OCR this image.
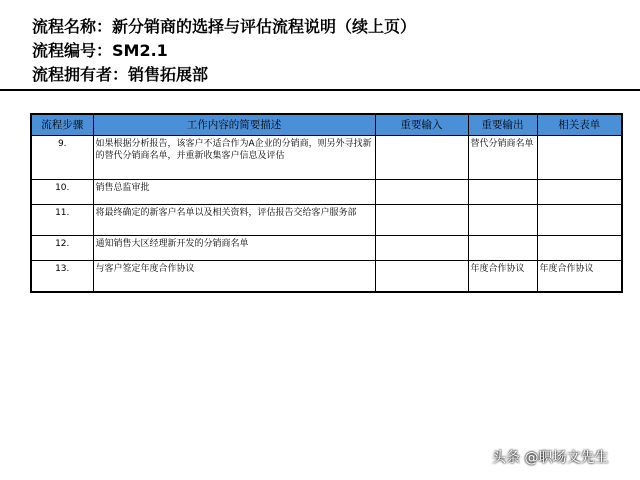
流程名称：新分销商的选择与评估流程说明（续上页）
流程编号：SM2.1
流程拥有者：销售拓展部
流程步骤	工作内容的简要描述	重要输入	重要输出	相关表单
9.	如果根据分析报告，该客户不适合作为A企业的分销商，则另外寻找新的替代分销商名单，并重新收集客户信息及评估		替代分销商名单	
10.	销售总监审批			
11.	将最终确定的新客户名单以及相关资料，评估报告交给客户服务部			
12.	通知销售大区经理新开发的分销商名单			
13.	与客户签定年度合作协议		年度合作协议	年度合作协议
头条 @职场文先生
